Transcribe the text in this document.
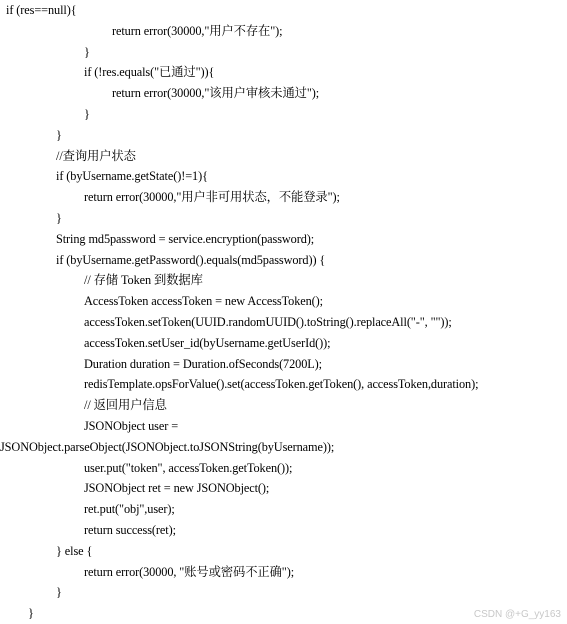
if (res==null){
return error(30000,"用户不存在");
}
if (!res.equals("已通过")){
return error(30000,"该用户审核未通过");
}
}
//查询用户状态
if (byUsername.getState()!=1){
return error(30000,"用户非可用状态，不能登录");
}
String md5password = service.encryption(password);
if (byUsername.getPassword().equals(md5password)) {
// 存储 Token 到数据库
AccessToken accessToken = new AccessToken();
accessToken.setToken(UUID.randomUUID().toString().replaceAll("-", ""));
accessToken.setUser_id(byUsername.getUserId());
Duration duration = Duration.ofSeconds(7200L);
redisTemplate.opsForValue().set(accessToken.getToken(), accessToken,duration);
// 返回用户信息
JSONObject user =
JSONObject.parseObject(JSONObject.toJSONString(byUsername));
user.put("token", accessToken.getToken());
JSONObject ret = new JSONObject();
ret.put("obj",user);
return success(ret);
} else {
return error(30000, "账号或密码不正确");
}
}	CSDN @+G_yy163
